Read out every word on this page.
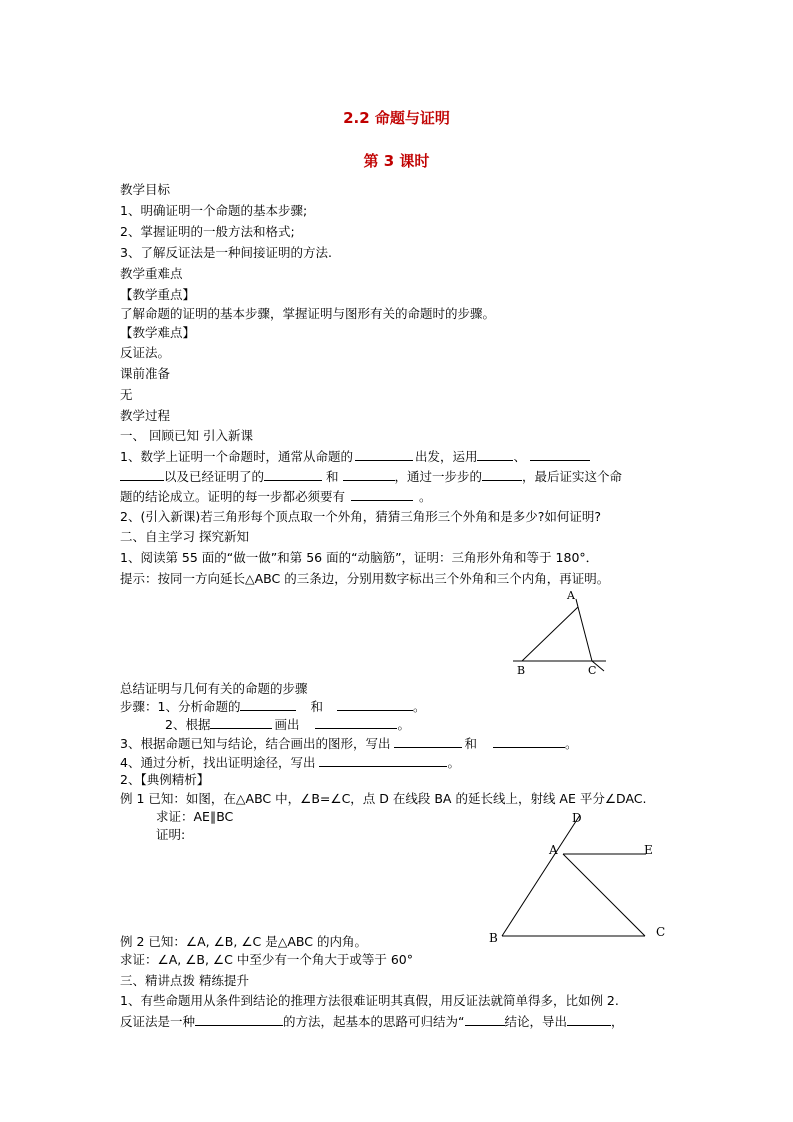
2.2 命题与证明
第 3 课时
教学目标
1、明确证明一个命题的基本步骤;
2、掌握证明的一般方法和格式;
3、了解反证法是一种间接证明的方法.
教学重难点
【教学重点】
了解命题的证明的基本步骤，掌握证明与图形有关的命题时的步骤。
【教学难点】
反证法。
课前准备
无
教学过程
一、 回顾已知 引入新课
1、数学上证明一个命题时，通常从命题的	出发，运用	、
以及已经证明了的	和	，通过一步步的	，最后证实这个命
题的结论成立。证明的每一步都必须要有	。
2、(引入新课)若三角形每个顶点取一个外角，猜猜三角形三个外角和是多少?如何证明?
二、自主学习 探究新知
1、阅读第 55 面的“做一做”和第 56 面的“动脑筋”，证明：三角形外角和等于 180°．
提示：按同一方向延长△ABC 的三条边，分别用数字标出三个外角和三个内角，再证明。
A
B	C
总结证明与几何有关的命题的步骤
步骤：1、分析命题的	和	。
2、根据	画出	。
3、根据命题已知与结论，结合画出的图形，写出	和	。
4、通过分析，找出证明途径，写出	。
2、【典例精析】
例 1 已知：如图，在△ABC 中，∠B=∠C，点 D 在线段 BA 的延长线上，射线 AE 平分∠DAC.
求证：AE∥BC
证明:
D
A	E
B	C
例 2 已知：∠A, ∠B, ∠C 是△ABC 的内角。
求证：∠A, ∠B, ∠C 中至少有一个角大于或等于 60°
三、精讲点拨 精练提升
1、有些命题用从条件到结论的推理方法很难证明其真假，用反证法就简单得多，比如例 2.
反证法是一种	的方法，起基本的思路可归结为“	结论，导出	，
